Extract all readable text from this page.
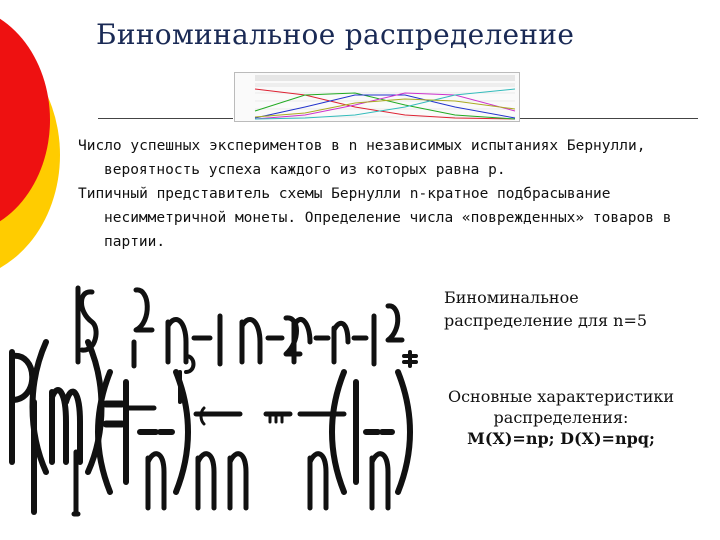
Биноминальное распределение
Число успешных экспериментов в n независимых испытаниях Бернулли, вероятность успеха каждого из которых равна p.
Типичный представитель схемы Бернулли n-кратное подбрасывание несимметричной монеты. Определение числа «поврежденных» товаров в партии.
Биноминальное распределение для n=5
Основные характеристики распределения:
M(X)=np; D(X)=npq;
